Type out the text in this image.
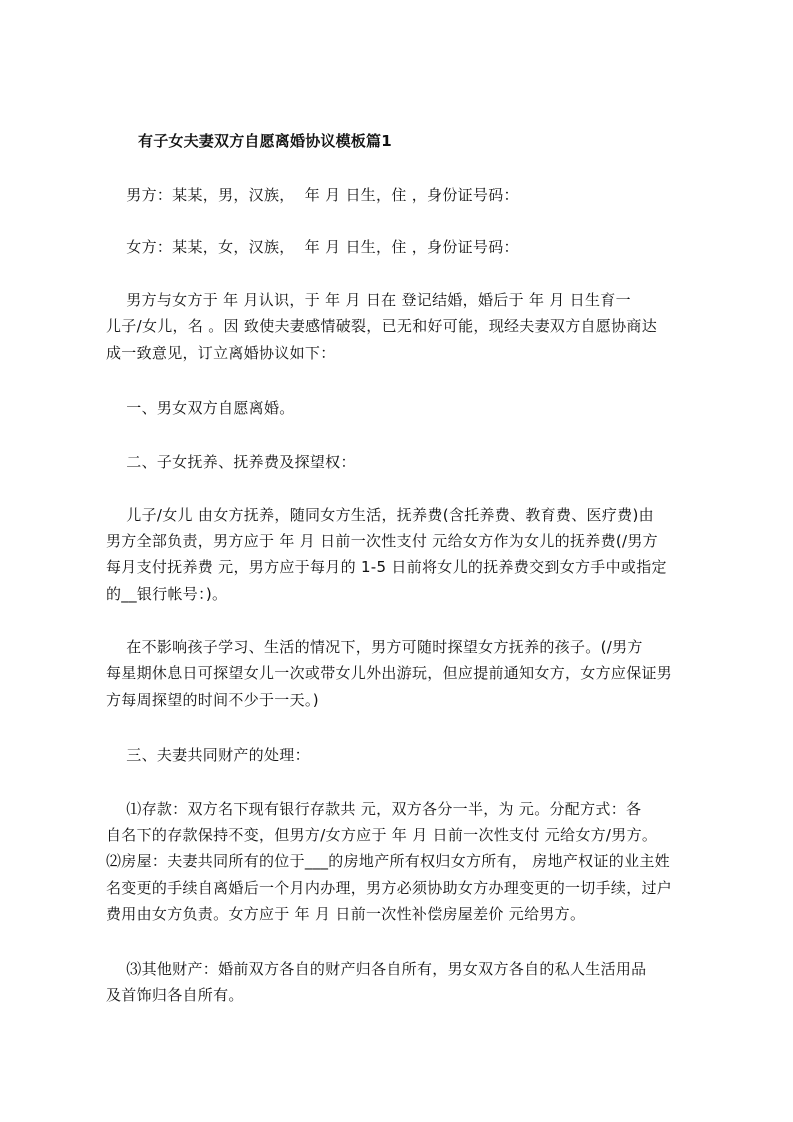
有子女夫妻双方自愿离婚协议模板篇1
男方：某某，男，汉族，  年 月 日生，住 ，身份证号码：
女方：某某，女，汉族，  年 月 日生，住 ，身份证号码：
男方与女方于 年 月认识，于 年 月 日在 登记结婚，婚后于 年 月 日生育一
儿子/女儿，名 。因 致使夫妻感情破裂，已无和好可能，现经夫妻双方自愿协商达
成一致意见，订立离婚协议如下：
一、男女双方自愿离婚。
二、子女抚养、抚养费及探望权：
儿子/女儿 由女方抚养，随同女方生活，抚养费(含托养费、教育费、医疗费)由
男方全部负责，男方应于 年 月 日前一次性支付 元给女方作为女儿的抚养费(/男方
每月支付抚养费 元，男方应于每月的 1-5 日前将女儿的抚养费交到女方手中或指定
的__银行帐号：)。
在不影响孩子学习、生活的情况下，男方可随时探望女方抚养的孩子。(/男方
每星期休息日可探望女儿一次或带女儿外出游玩，但应提前通知女方，女方应保证男
方每周探望的时间不少于一天。)
三、夫妻共同财产的处理：
⑴存款：双方名下现有银行存款共 元，双方各分一半，为 元。分配方式：各
自名下的存款保持不变，但男方/女方应于 年 月 日前一次性支付 元给女方/男方。
⑵房屋：夫妻共同所有的位于___的房地产所有权归女方所有， 房地产权证的业主姓
名变更的手续自离婚后一个月内办理，男方必须协助女方办理变更的一切手续，过户
费用由女方负责。女方应于 年 月 日前一次性补偿房屋差价 元给男方。
⑶其他财产：婚前双方各自的财产归各自所有，男女双方各自的私人生活用品
及首饰归各自所有。
